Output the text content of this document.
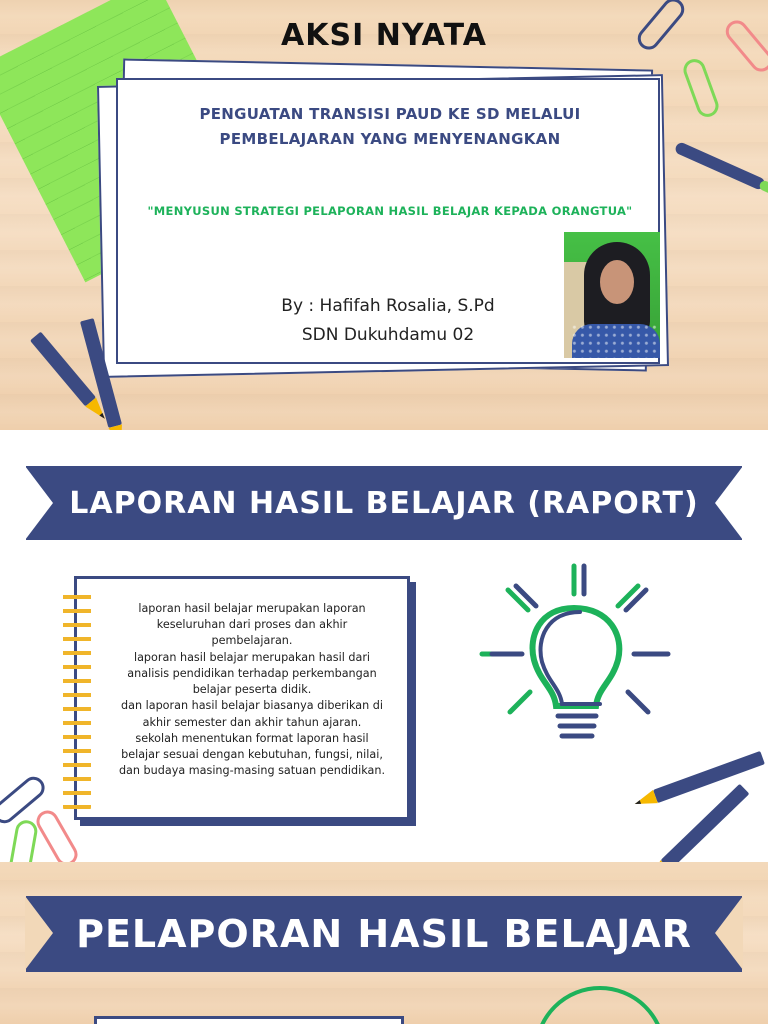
AKSI NYATA
PENGUATAN TRANSISI PAUD KE SD MELALUI PEMBELAJARAN YANG MENYENANGKAN
"MENYUSUN STRATEGI PELAPORAN HASIL BELAJAR KEPADA ORANGTUA"
By : Hafifah Rosalia, S.Pd
SDN Dukuhdamu 02
LAPORAN HASIL BELAJAR (RAPORT)
laporan hasil belajar merupakan laporan
keseluruhan dari proses dan akhir
pembelajaran.
laporan hasil belajar merupakan hasil dari
analisis pendidikan terhadap perkembangan
belajar peserta didik.
dan laporan hasil belajar biasanya diberikan di
akhir semester dan akhir tahun ajaran.
sekolah menentukan format laporan hasil
belajar sesuai dengan kebutuhan, fungsi, nilai,
dan budaya masing-masing satuan pendidikan.
PELAPORAN HASIL BELAJAR
